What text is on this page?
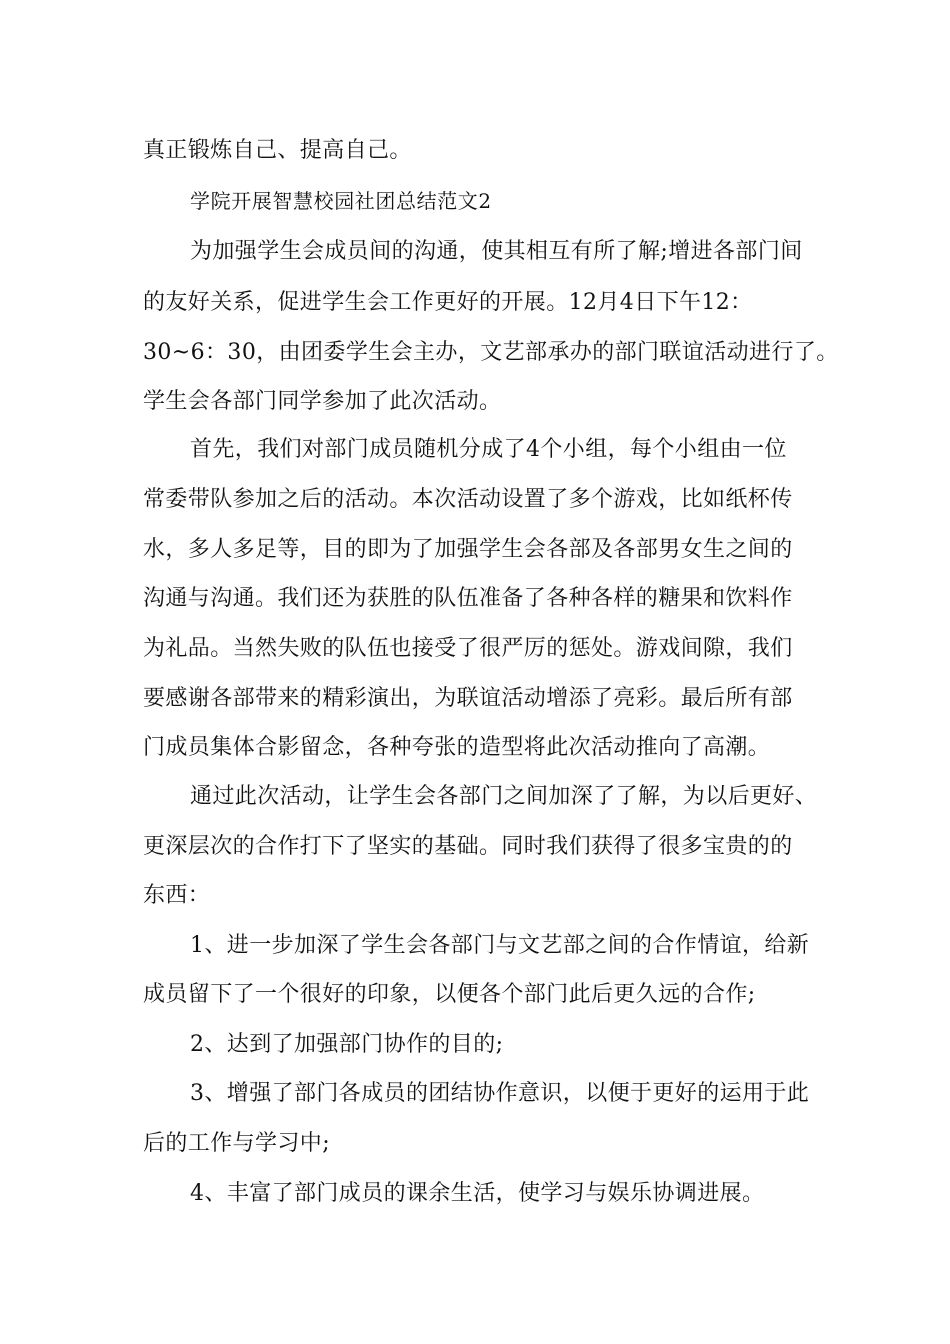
真正锻炼自己、提高自己。
学院开展智慧校园社团总结范文2
为加强学生会成员间的沟通，使其相互有所了解;增进各部门间
的友好关系，促进学生会工作更好的开展。12月4日下午12：
30~6：30，由团委学生会主办，文艺部承办的部门联谊活动进行了。
学生会各部门同学参加了此次活动。
首先，我们对部门成员随机分成了4个小组，每个小组由一位
常委带队参加之后的活动。本次活动设置了多个游戏，比如纸杯传
水，多人多足等，目的即为了加强学生会各部及各部男女生之间的
沟通与沟通。我们还为获胜的队伍准备了各种各样的糖果和饮料作
为礼品。当然失败的队伍也接受了很严厉的惩处。游戏间隙，我们
要感谢各部带来的精彩演出，为联谊活动增添了亮彩。最后所有部
门成员集体合影留念，各种夸张的造型将此次活动推向了高潮。
通过此次活动，让学生会各部门之间加深了了解，为以后更好、
更深层次的合作打下了坚实的基础。同时我们获得了很多宝贵的的
东西：
1、进一步加深了学生会各部门与文艺部之间的合作情谊，给新
成员留下了一个很好的印象，以便各个部门此后更久远的合作;
2、达到了加强部门协作的目的;
3、增强了部门各成员的团结协作意识，以便于更好的运用于此
后的工作与学习中;
4、丰富了部门成员的课余生活，使学习与娱乐协调进展。
